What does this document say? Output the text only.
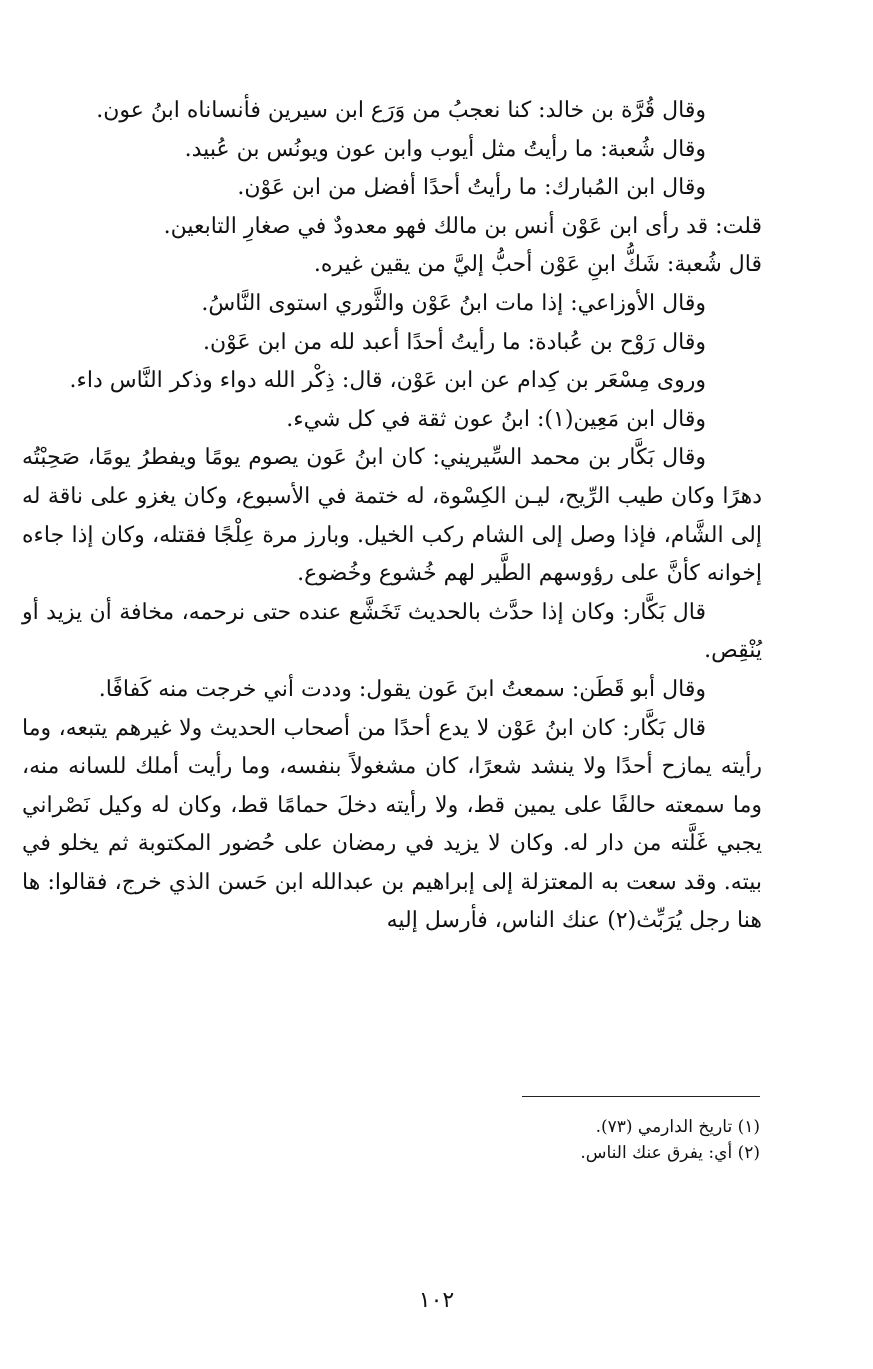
وقال قُرَّة بن خالد: كنا نعجبُ من وَرَع ابن سيرين فأنساناه ابنُ عون.

وقال شُعبة: ما رأيتُ مثل أيوب وابن عون ويونُس بن عُبيد.

وقال ابن المُبارك: ما رأيتُ أحدًا أفضل من ابن عَوْن.

قلت: قد رأى ابن عَوْن أنس بن مالك فهو معدودٌ في صغارِ التابعين.

قال شُعبة: شَكُّ ابنِ عَوْن أحبُّ إليَّ من يقين غيره.

وقال الأوزاعي: إذا مات ابنُ عَوْن والثَّوري استوى النَّاسُ.

وقال رَوْح بن عُبادة: ما رأيتُ أحدًا أعبد لله من ابن عَوْن.

وروى مِسْعَر بن كِدام عن ابن عَوْن، قال: ذِكْر الله دواء وذكر النَّاس داء.

وقال ابن مَعِين(١): ابنُ عون ثقة في كل شيء.

وقال بَكَّار بن محمد السِّيريني: كان ابنُ عَون يصوم يومًا ويفطرُ يومًا، صَحِبْتُه دهرًا وكان طيب الرِّيح، ليـن الكِسْوة، له ختمة في الأسبوع، وكان يغزو على ناقة له إلى الشَّام، فإذا وصل إلى الشام ركب الخيل. وبارز مرة عِلْجًا فقتله، وكان إذا جاءه إخوانه كأنَّ على رؤوسهم الطَّير لهم خُشوع وخُضوع.

قال بَكَّار: وكان إذا حدَّث بالحديث تَخَشَّع عنده حتى نرحمه، مخافة أن يزيد أو يُنْقِص.

وقال أبو قَطَن: سمعتُ ابنَ عَون يقول: وددت أني خرجت منه كَفافًا.

قال بَكَّار: كان ابنُ عَوْن لا يدع أحدًا من أصحاب الحديث ولا غيرهم يتبعه، وما رأيته يمازح أحدًا ولا ينشد شعرًا، كان مشغولاً بنفسه، وما رأيت أملك للسانه منه، وما سمعته حالفًا على يمين قط، ولا رأيته دخلَ حمامًا قط، وكان له وكيل نَصْراني يجبي غَلَّته من دار له. وكان لا يزيد في رمضان على حُضور المكتوبة ثم يخلو في بيته. وقد سعت به المعتزلة إلى إبراهيم بن عبدالله ابن حَسن الذي خرج، فقالوا: ها هنا رجل يُرَبِّث(٢) عنك الناس، فأرسل إليه

(١) تاريخ الدارمي (٧٣).

(٢) أي: يفرق عنك الناس.

١٠٢
